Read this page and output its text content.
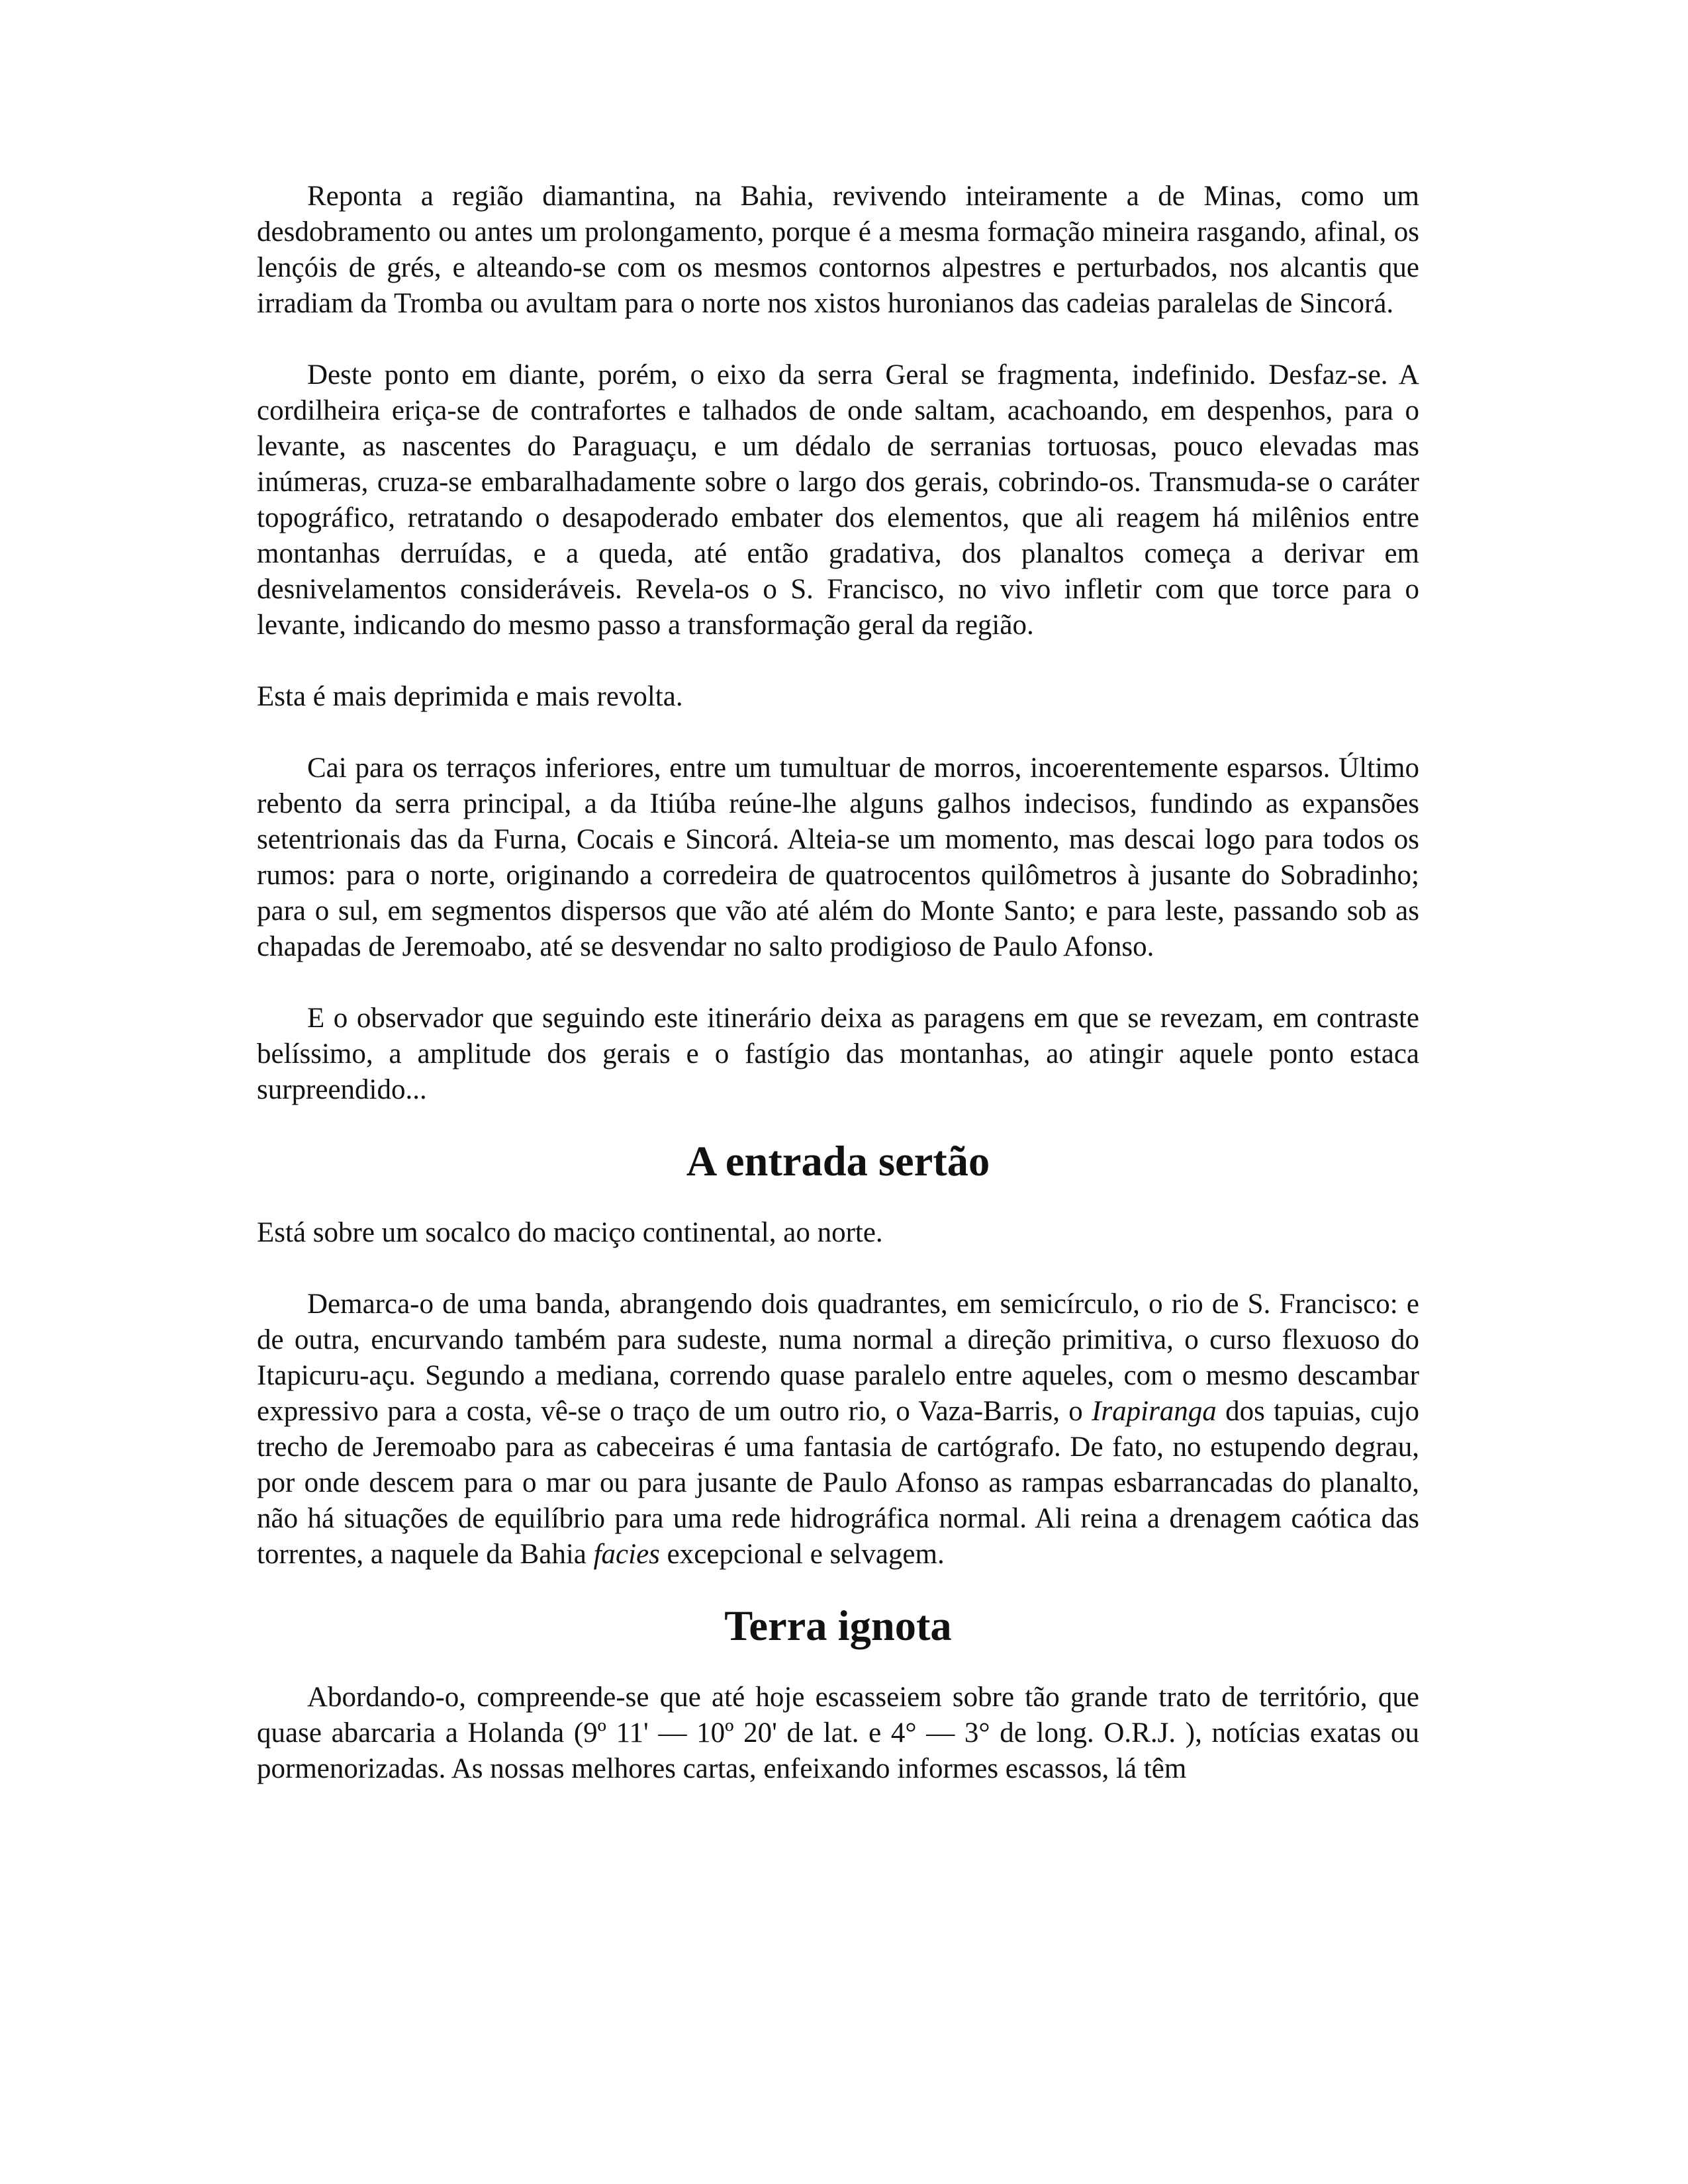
Reponta a região diamantina, na Bahia, revivendo inteiramente a de Minas, como um desdobramento ou antes um prolongamento, porque é a mesma formação mineira rasgando, afinal, os lençóis de grés, e alteando-se com os mesmos contornos alpestres e perturbados, nos alcantis que irradiam da Tromba ou avultam para o norte nos xistos huronianos das cadeias paralelas de Sincorá.

Deste ponto em diante, porém, o eixo da serra Geral se fragmenta, indefinido. Desfaz-se. A cordilheira eriça-se de contrafortes e talhados de onde saltam, acachoando, em despenhos, para o levante, as nascentes do Paraguaçu, e um dédalo de serranias tortuosas, pouco elevadas mas inúmeras, cruza-se embaralhadamente sobre o largo dos gerais, cobrindo-os. Transmuda-se o caráter topográfico, retratando o desapoderado embater dos elementos, que ali reagem há milênios entre montanhas derruídas, e a queda, até então gradativa, dos planaltos começa a derivar em desnivelamentos consideráveis. Revela-os o S. Francisco, no vivo infletir com que torce para o levante, indicando do mesmo passo a transformação geral da região.

Esta é mais deprimida e mais revolta.

Cai para os terraços inferiores, entre um tumultuar de morros, incoerentemente esparsos. Último rebento da serra principal, a da Itiúba reúne-lhe alguns galhos indecisos, fundindo as expansões setentrionais das da Furna, Cocais e Sincorá. Alteia-se um momento, mas descai logo para todos os rumos: para o norte, originando a corredeira de quatrocentos quilômetros à jusante do Sobradinho; para o sul, em segmentos dispersos que vão até além do Monte Santo; e para leste, passando sob as chapadas de Jeremoabo, até se desvendar no salto prodigioso de Paulo Afonso.

E o observador que seguindo este itinerário deixa as paragens em que se revezam, em contraste belíssimo, a amplitude dos gerais e o fastígio das montanhas, ao atingir aquele ponto estaca surpreendido...

A entrada sertão

Está sobre um socalco do maciço continental, ao norte.

Demarca-o de uma banda, abrangendo dois quadrantes, em semicírculo, o rio de S. Francisco: e de outra, encurvando também para sudeste, numa normal a direção primitiva, o curso flexuoso do Itapicuru-açu. Segundo a mediana, correndo quase paralelo entre aqueles, com o mesmo descambar expressivo para a costa, vê-se o traço de um outro rio, o Vaza-Barris, o Irapiranga dos tapuias, cujo trecho de Jeremoabo para as cabeceiras é uma fantasia de cartógrafo. De fato, no estupendo degrau, por onde descem para o mar ou para jusante de Paulo Afonso as rampas esbarrancadas do planalto, não há situações de equilíbrio para uma rede hidrográfica normal. Ali reina a drenagem caótica das torrentes, a naquele da Bahia facies excepcional e selvagem.

Terra ignota

Abordando-o, compreende-se que até hoje escasseiem sobre tão grande trato de território, que quase abarcaria a Holanda (9º 11' — 10º 20' de lat. e 4° — 3° de long. O.R.J. ), notícias exatas ou pormenorizadas. As nossas melhores cartas, enfeixando informes escassos, lá têm
